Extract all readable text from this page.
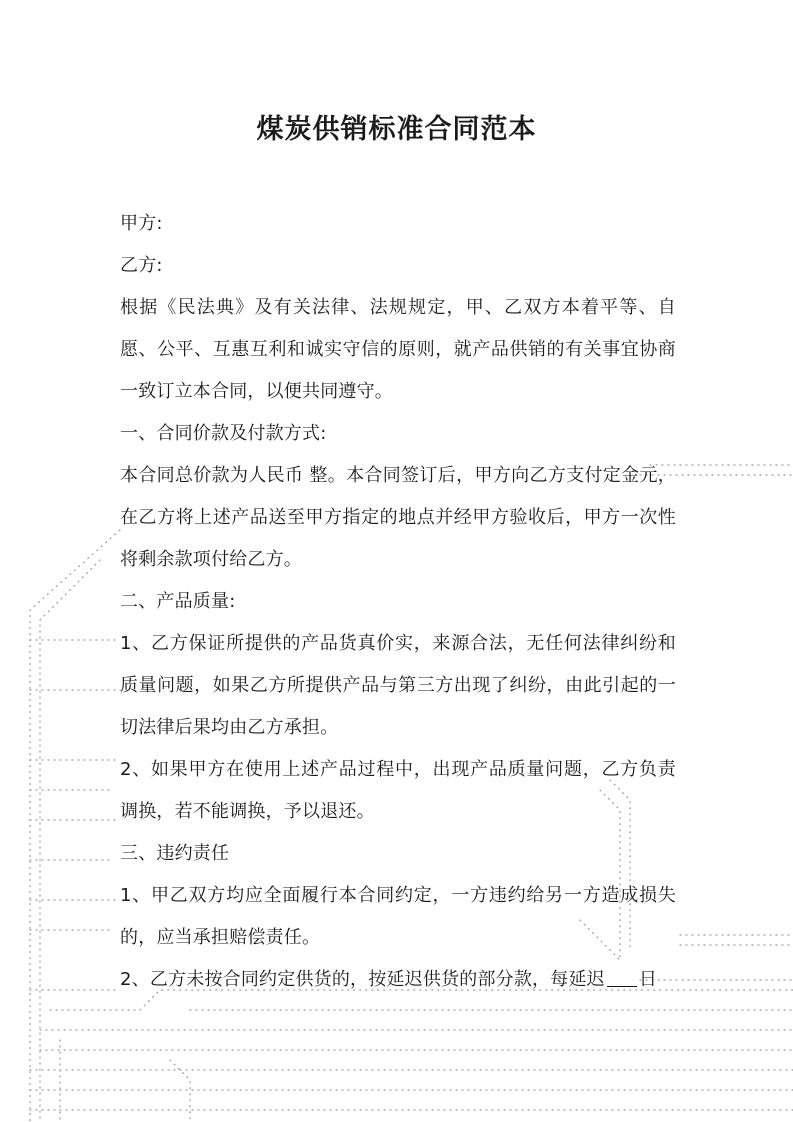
煤炭供销标准合同范本

甲方:

乙方:

根据《民法典》及有关法律、法规规定，甲、乙双方本着平等、自愿、公平、互惠互利和诚实守信的原则，就产品供销的有关事宜协商一致订立本合同，以便共同遵守。

一、合同价款及付款方式:

本合同总价款为人民币 整。本合同签订后，甲方向乙方支付定金元，在乙方将上述产品送至甲方指定的地点并经甲方验收后，甲方一次性将剩余款项付给乙方。

二、产品质量:

1、乙方保证所提供的产品货真价实，来源合法，无任何法律纠纷和质量问题，如果乙方所提供产品与第三方出现了纠纷，由此引起的一切法律后果均由乙方承担。

2、如果甲方在使用上述产品过程中，出现产品质量问题，乙方负责调换，若不能调换，予以退还。

三、违约责任

1、甲乙双方均应全面履行本合同约定，一方违约给另一方造成损失的，应当承担赔偿责任。

2、乙方未按合同约定供货的，按延迟供货的部分款，每延迟 日
